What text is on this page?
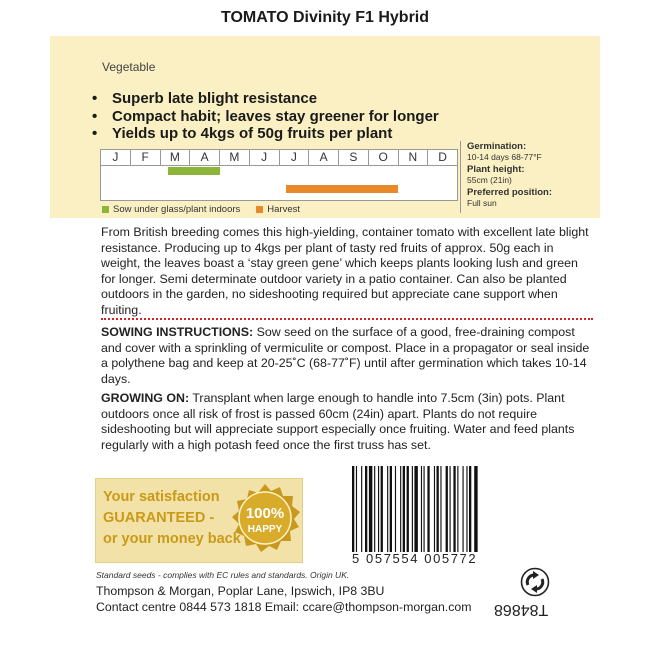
TOMATO Divinity F1 Hybrid
Vegetable
• Superb late blight resistance
• Compact habit; leaves stay greener for longer
• Yields up to 4kgs of 50g fruits per plant
J	F	M	A	M	J	J	A	S	O	N	D
Sow under glass/plant indoors	Harvest
Germination:
10-14 days 68-77°F
Plant height:
55cm (21in)
Preferred position:
Full sun
From British breeding comes this high-yielding, container tomato with excellent late blight resistance. Producing up to 4kgs per plant of tasty red fruits of approx. 50g each in weight, the leaves boast a ‘stay green gene’ which keeps plants looking lush and green for longer. Semi determinate outdoor variety in a patio container. Can also be planted outdoors in the garden, no sideshooting required but appreciate cane support when fruiting.
SOWING INSTRUCTIONS: Sow seed on the surface of a good, free-draining compost and cover with a sprinkling of vermiculite or compost. Place in a propagator or seal inside a polythene bag and keep at 20-25˚C (68-77˚F) until after germination which takes 10-14 days.
GROWING ON: Transplant when large enough to handle into 7.5cm (3in) pots. Plant outdoors once all risk of frost is passed 60cm (24in) apart. Plants do not require sideshooting but will appreciate support especially once fruiting. Water and feed plants regularly with a high potash feed once the first truss has set.
Your satisfaction
GUARANTEED -
or your money back
100%
HAPPY
5 057554 005772
Standard seeds - complies with EC rules and standards. Origin UK.
Thompson & Morgan, Poplar Lane, Ipswich, IP8 3BU
Contact centre 0844 573 1818 Email: ccare@thompson-morgan.com T84868
